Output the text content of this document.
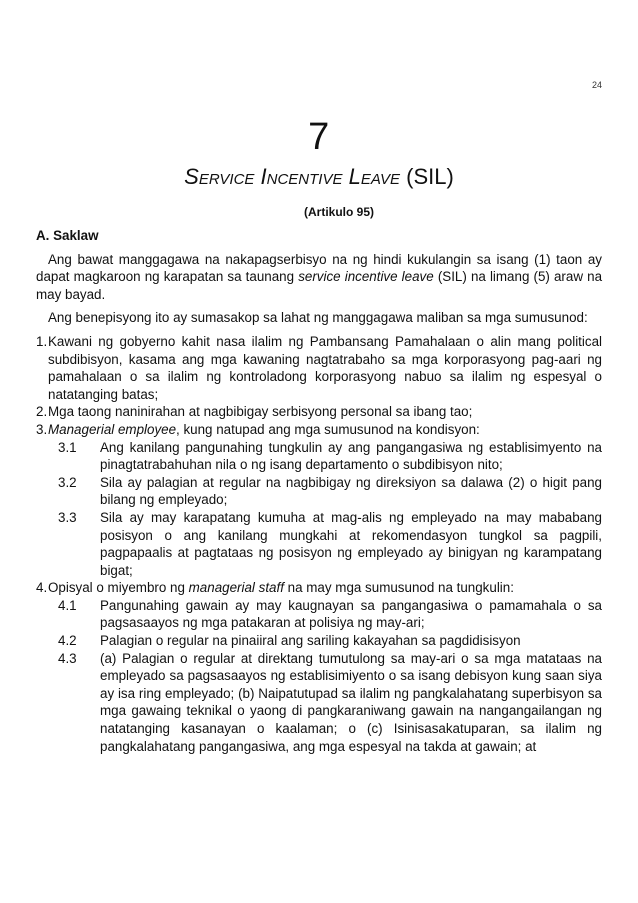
24
7
Service Incentive Leave (SIL)
(Artikulo 95)
A. Saklaw

Ang bawat manggagawa na nakapagserbisyo na ng hindi kukulangin sa isang (1) taon ay dapat magkaroon ng karapatan sa taunang service incentive leave (SIL) na limang (5) araw na may bayad.

Ang benepisyong ito ay sumasakop sa lahat ng manggagawa maliban sa mga sumusunod:

1. Kawani ng gobyerno kahit nasa ilalim ng Pambansang Pamahalaan o alin mang political subdibisyon, kasama ang mga kawaning nagtatrabaho sa mga korporasyong pag-aari ng pamahalaan o sa ilalim ng kontroladong korporasyong nabuo sa ilalim ng espesyal o natatanging batas;
2. Mga taong naninirahan at nagbibigay serbisyong personal sa ibang tao;
3. Managerial employee, kung natupad ang mga sumusunod na kondisyon:
3.1 Ang kanilang pangunahing tungkulin ay ang pangangasiwa ng establisimyento na pinagtatrabahuhan nila o ng isang departamento o subdibisyon nito;
3.2 Sila ay palagian at regular na nagbibigay ng direksiyon sa dalawa (2) o higit pang bilang ng empleyado;
3.3 Sila ay may karapatang kumuha at mag-alis ng empleyado na may mababang posisyon o ang kanilang mungkahi at rekomendasyon tungkol sa pagpili, pagpapaalis at pagtataas ng posisyon ng empleyado ay binigyan ng karampatang bigat;
4. Opisyal o miyembro ng managerial staff na may mga sumusunod na tungkulin:
4.1 Pangunahing gawain ay may kaugnayan sa pangangasiwa o pamamahala o sa pagsasaayos ng mga patakaran at polisiya ng may-ari;
4.2 Palagian o regular na pinaiiral ang sariling kakayahan sa pagdidisisyon
4.3 (a) Palagian o regular at direktang tumutulong sa may-ari o sa mga matataas na empleyado sa pagsasaayos ng establisimiyento o sa isang debisyon kung saan siya ay isa ring empleyado; (b) Naipatutupad sa ilalim ng pangkalahatang superbisyon sa mga gawaing teknikal o yaong di pangkaraniwang gawain na nangangailangan ng natatanging kasanayan o kaalaman; o (c) Isinisasakatuparan, sa ilalim ng pangkalahatang pangangasiwa, ang mga espesyal na takda at gawain; at
